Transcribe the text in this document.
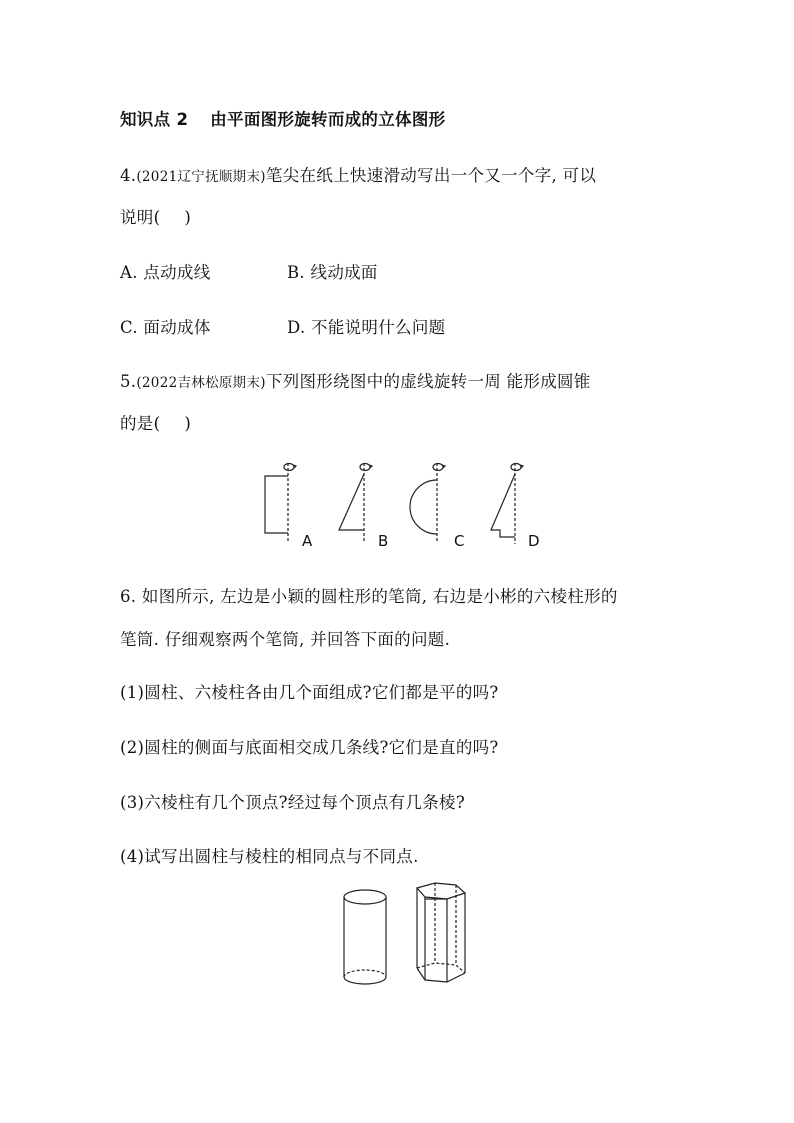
知识点 2 由平面图形旋转而成的立体图形
4.(2021辽宁抚顺期末)笔尖在纸上快速滑动写出一个又一个字, 可以
说明( )
A. 点动成线	B. 线动成面
C. 面动成体	D. 不能说明什么问题
5.(2022吉林松原期末)下列图形绕图中的虚线旋转一周 能形成圆锥
的是( )
A	B	C	D
6. 如图所示, 左边是小颖的圆柱形的笔筒, 右边是小彬的六棱柱形的
笔筒. 仔细观察两个笔筒, 并回答下面的问题.
(1)圆柱、六棱柱各由几个面组成?它们都是平的吗?
(2)圆柱的侧面与底面相交成几条线?它们是直的吗?
(3)六棱柱有几个顶点?经过每个顶点有几条棱?
(4)试写出圆柱与棱柱的相同点与不同点.
